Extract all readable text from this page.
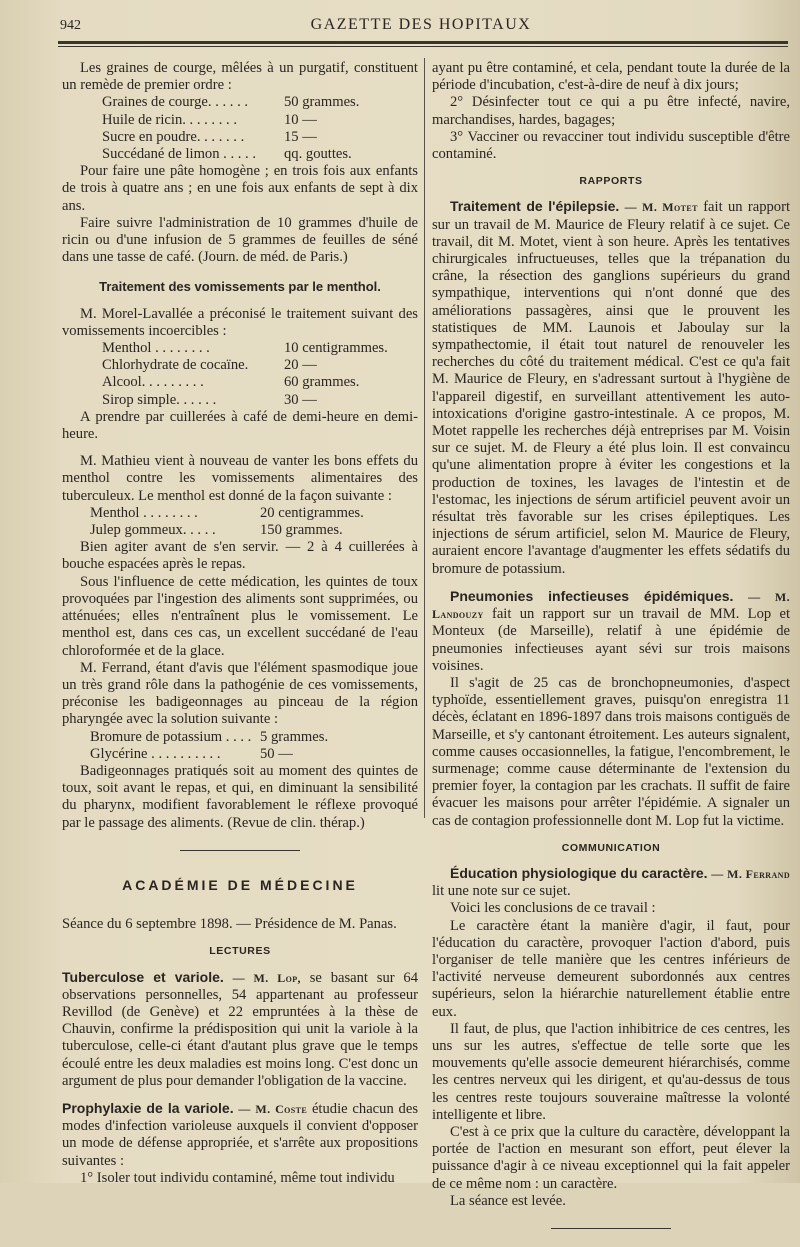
942	GAZETTE DES HOPITAUX

Les graines de courge, mêlées à un purgatif, constituent un remède de premier ordre :

Graines de courge. . . . . .	50 grammes.
Huile de ricin. . . . . . . .	10 —
Sucre en poudre. . . . . . .	15 —
Succédané de limon . . . . .	qq. gouttes.

Pour faire une pâte homogène ; en trois fois aux enfants de trois à quatre ans ; en une fois aux enfants de sept à dix ans.

Faire suivre l'administration de 10 grammes d'huile de ricin ou d'une infusion de 5 grammes de feuilles de séné dans une tasse de café. (Journ. de méd. de Paris.)

Traitement des vomissements par le menthol.

M. Morel-Lavallée a préconisé le traitement suivant des vomissements incoercibles :

Menthol . . . . . . . .	10 centigrammes.
Chlorhydrate de cocaïne.	20 —
Alcool. . . . . . . . .	60 grammes.
Sirop simple. . . . . .	30 —

A prendre par cuillerées à café de demi-heure en demi-heure.

M. Mathieu vient à nouveau de vanter les bons effets du menthol contre les vomissements alimentaires des tuberculeux. Le menthol est donné de la façon suivante :

Menthol . . . . . . . .	20 centigrammes.
Julep gommeux. . . . .	150 grammes.

Bien agiter avant de s'en servir. — 2 à 4 cuillerées à bouche espacées après le repas.

Sous l'influence de cette médication, les quintes de toux provoquées par l'ingestion des aliments sont supprimées, ou atténuées; elles n'entraînent plus le vomissement. Le menthol est, dans ces cas, un excellent succédané de l'eau chloroformée et de la glace.

M. Ferrand, étant d'avis que l'élément spasmodique joue un très grand rôle dans la pathogénie de ces vomissements, préconise les badigeonnages au pinceau de la région pharyngée avec la solution suivante :

Bromure de potassium . . . . 5 grammes.
Glycérine . . . . . . . . . .	50 —

Badigeonnages pratiqués soit au moment des quintes de toux, soit avant le repas, et qui, en diminuant la sensibilité du pharynx, modifient favorablement le réflexe provoqué par le passage des aliments. (Revue de clin. thérap.)

ACADÉMIE DE MÉDECINE

Séance du 6 septembre 1898. — Présidence de M. Panas.

LECTURES

Tuberculose et variole. — M. Lop, se basant sur 64 observations personnelles, 54 appartenant au professeur Revillod (de Genève) et 22 empruntées à la thèse de Chauvin, confirme la prédisposition qui unit la variole à la tuberculose, celle-ci étant d'autant plus grave que le temps écoulé entre les deux maladies est moins long. C'est donc un argument de plus pour demander l'obligation de la vaccine.

Prophylaxie de la variole. — M. Coste étudie chacun des modes d'infection varioleuse auxquels il convient d'opposer un mode de défense appropriée, et s'arrête aux propositions suivantes :

1° Isoler tout individu contaminé, même tout individu

ayant pu être contaminé, et cela, pendant toute la durée de la période d'incubation, c'est-à-dire de neuf à dix jours;

2° Désinfecter tout ce qui a pu être infecté, navire, marchandises, hardes, bagages;

3° Vacciner ou revacciner tout individu susceptible d'être contaminé.

RAPPORTS

Traitement de l'épilepsie. — M. Motet fait un rapport sur un travail de M. Maurice de Fleury relatif à ce sujet. Ce travail, dit M. Motet, vient à son heure. Après les tentatives chirurgicales infructueuses, telles que la trépanation du crâne, la résection des ganglions supérieurs du grand sympathique, interventions qui n'ont donné que des améliorations passagères, ainsi que le prouvent les statistiques de MM. Launois et Jaboulay sur la sympathectomie, il était tout naturel de renouveler les recherches du côté du traitement médical. C'est ce qu'a fait M. Maurice de Fleury, en s'adressant surtout à l'hygiène de l'appareil digestif, en surveillant attentivement les auto-intoxications d'origine gastro-intestinale. A ce propos, M. Motet rappelle les recherches déjà entreprises par M. Voisin sur ce sujet. M. de Fleury a été plus loin. Il est convaincu qu'une alimentation propre à éviter les congestions et la production de toxines, les lavages de l'intestin et de l'estomac, les injections de sérum artificiel peuvent avoir un résultat très favorable sur les crises épileptiques. Les injections de sérum artificiel, selon M. Maurice de Fleury, auraient encore l'avantage d'augmenter les effets sédatifs du bromure de potassium.

Pneumonies infectieuses épidémiques. — M. Landouzy fait un rapport sur un travail de MM. Lop et Monteux (de Marseille), relatif à une épidémie de pneumonies infectieuses ayant sévi sur trois maisons voisines.

Il s'agit de 25 cas de bronchopneumonies, d'aspect typhoïde, essentiellement graves, puisqu'on enregistra 11 décès, éclatant en 1896-1897 dans trois maisons contiguës de Marseille, et s'y cantonant étroitement. Les auteurs signalent, comme causes occasionnelles, la fatigue, l'encombrement, le surmenage; comme cause déterminante de l'extension du premier foyer, la contagion par les crachats. Il suffit de faire évacuer les maisons pour arrêter l'épidémie. A signaler un cas de contagion professionnelle dont M. Lop fut la victime.

COMMUNICATION

Éducation physiologique du caractère. — M. Ferrand lit une note sur ce sujet.

Voici les conclusions de ce travail :

Le caractère étant la manière d'agir, il faut, pour l'éducation du caractère, provoquer l'action d'abord, puis l'organiser de telle manière que les centres inférieurs de l'activité nerveuse demeurent subordonnés aux centres supérieurs, selon la hiérarchie naturellement établie entre eux.

Il faut, de plus, que l'action inhibitrice de ces centres, les uns sur les autres, s'effectue de telle sorte que les mouvements qu'elle associe demeurent hiérarchisés, comme les centres nerveux qui les dirigent, et qu'au-dessus de tous les centres reste toujours souveraine maîtresse la volonté intelligente et libre.

C'est à ce prix que la culture du caractère, développant la portée de l'action en mesurant son effort, peut élever la puissance d'agir à ce niveau exceptionnel qui la fait appeler de ce même nom : un caractère.

La séance est levée.
